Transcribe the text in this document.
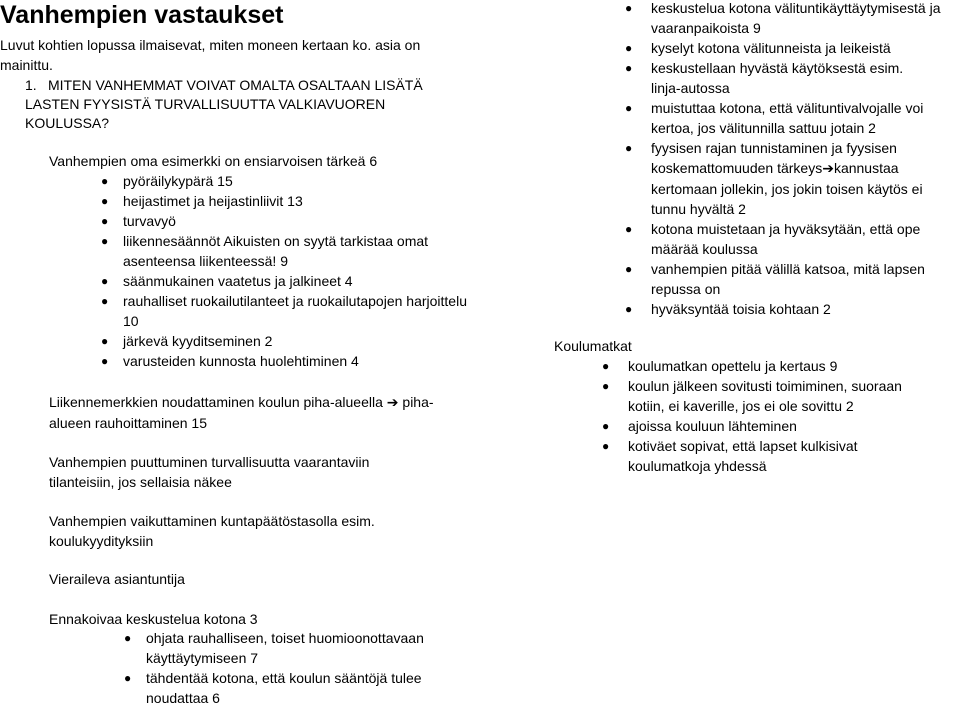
Vanhempien vastaukset
Luvut kohtien lopussa ilmaisevat, miten moneen kertaan ko. asia on mainittu.
1. MITEN VANHEMMAT VOIVAT OMALTA OSALTAAN LISÄTÄ LASTEN FYYSISTÄ TURVALLISUUTTA VALKIAVUOREN KOULUSSA?
Vanhempien oma esimerkki on ensiarvoisen tärkeä 6
● pyöräilykypärä 15
● heijastimet ja heijastinliivit 13
● turvavyö
● liikennesäännöt Aikuisten on syytä tarkistaa omat asenteensa liikenteessä! 9
● säänmukainen vaatetus ja jalkineet 4
● rauhalliset ruokailutilanteet ja ruokailutapojen harjoittelu 10
● järkevä kyyditseminen 2
● varusteiden kunnosta huolehtiminen 4
Liikennemerkkien noudattaminen koulun piha-alueella ➔ piha-alueen rauhoittaminen 15
Vanhempien puuttuminen turvallisuutta vaarantaviin tilanteisiin, jos sellaisia näkee
Vanhempien vaikuttaminen kuntapäätöstasolla esim. koulukyydityksiin
Vieraileva asiantuntija
Ennakoivaa keskustelua kotona 3
● ohjata rauhalliseen, toiset huomioonottavaan käyttäytymiseen 7
● tähdentää kotona, että koulun sääntöjä tulee noudattaa 6
● keskustelua kotona välituntikäyttäytymisestä ja vaaranpaikoista 9
● kyselyt kotona välitunneista ja leikeistä
● keskustellaan hyvästä käytöksestä esim. linja-autossa
● muistuttaa kotona, että välituntivalvojalle voi kertoa, jos välitunnilla sattuu jotain 2
● fyysisen rajan tunnistaminen ja fyysisen koskemattomuuden tärkeys➔kannustaa kertomaan jollekin, jos jokin toisen käytös ei tunnu hyvältä 2
● kotona muistetaan ja hyväksytään, että ope määrää koulussa
● vanhempien pitää välillä katsoa, mitä lapsen repussa on
● hyväksyntää toisia kohtaan 2
Koulumatkat
● koulumatkan opettelu ja kertaus 9
● koulun jälkeen sovitusti toimiminen, suoraan kotiin, ei kaverille, jos ei ole sovittu 2
● ajoissa kouluun lähteminen
● kotiväet sopivat, että lapset kulkisivat koulumatkoja yhdessä
